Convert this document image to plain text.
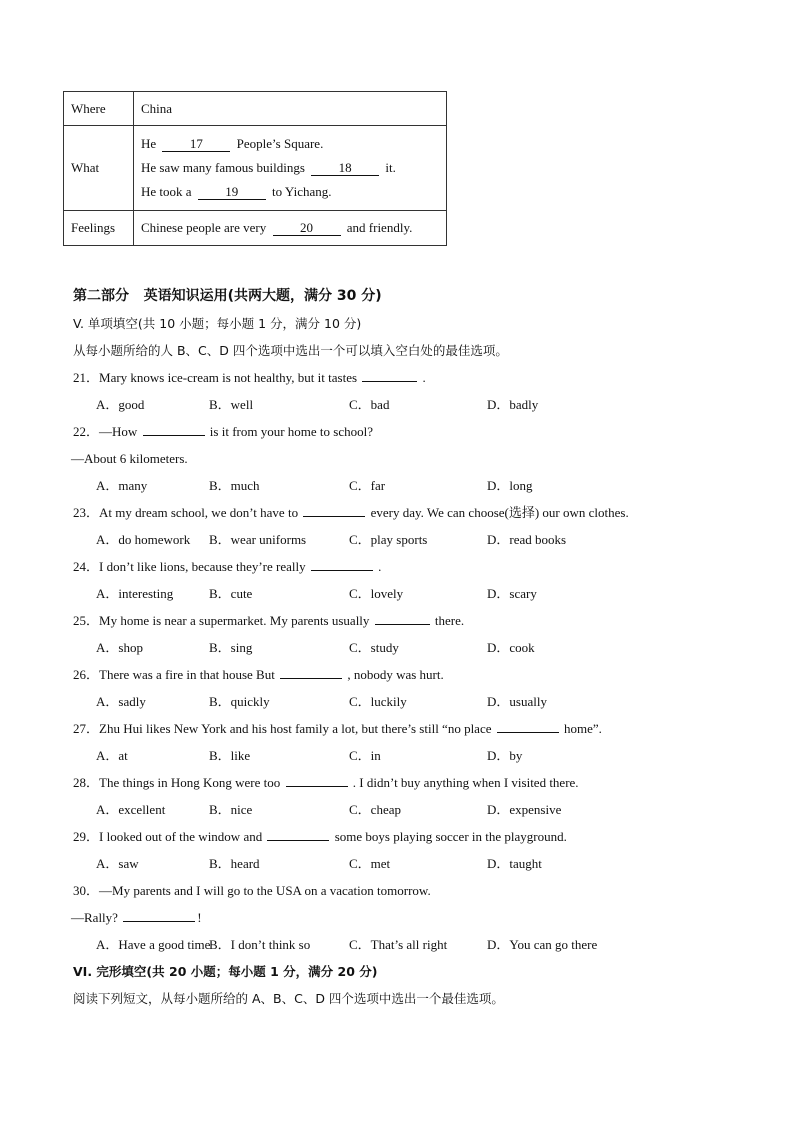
Where	China

What	He 17 People’s Square.
He saw many famous buildings 18 it.
He took a 19 to Yichang.

Feelings	Chinese people are very 20 and friendly.
第二部分   英语知识运用(共两大题，满分 30 分)
V. 单项填空(共 10 小题；每小题 1 分，满分 10 分)
从每小题所给的人 B、C、D 四个选项中选出一个可以填入空白处的最佳选项。
21．Mary knows ice-cream is not healthy, but it tastes	.
A．good	B．well	C．bad	D．badly
22．—How	is it from your home to school?
—About 6 kilometers.
A．many	B．much	C．far	D．long
23．At my dream school, we don’t have to	every day. We can choose(选择) our own clothes.
A．do homework	B．wear uniforms	C．play sports	D．read books
24．I don’t like lions, because they’re really	.
A．interesting	B．cute	C．lovely	D．scary
25．My home is near a supermarket. My parents usually	there.
A．shop	B．sing	C．study	D．cook
26．There was a fire in that house But	, nobody was hurt.
A．sadly	B．quickly	C．luckily	D．usually
27．Zhu Hui likes New York and his host family a lot, but there’s still “no place	home”.
A．at	B．like	C．in	D．by
28．The things in Hong Kong were too	. I didn’t buy anything when I visited there.
A．excellent	B．nice	C．cheap	D．expensive
29．I looked out of the window and	some boys playing soccer in the playground.
A．saw	B．heard	C．met	D．taught
30．—My parents and I will go to the USA on a vacation tomorrow.
—Rally?	!
A．Have a good time
B．I don’t think so	C．That’s all right	D．You can go there
VI. 完形填空(共 20 小题；每小题 1 分，满分 20 分)
阅读下列短文，从每小题所给的 A、B、C、D 四个选项中选出一个最佳选项。
